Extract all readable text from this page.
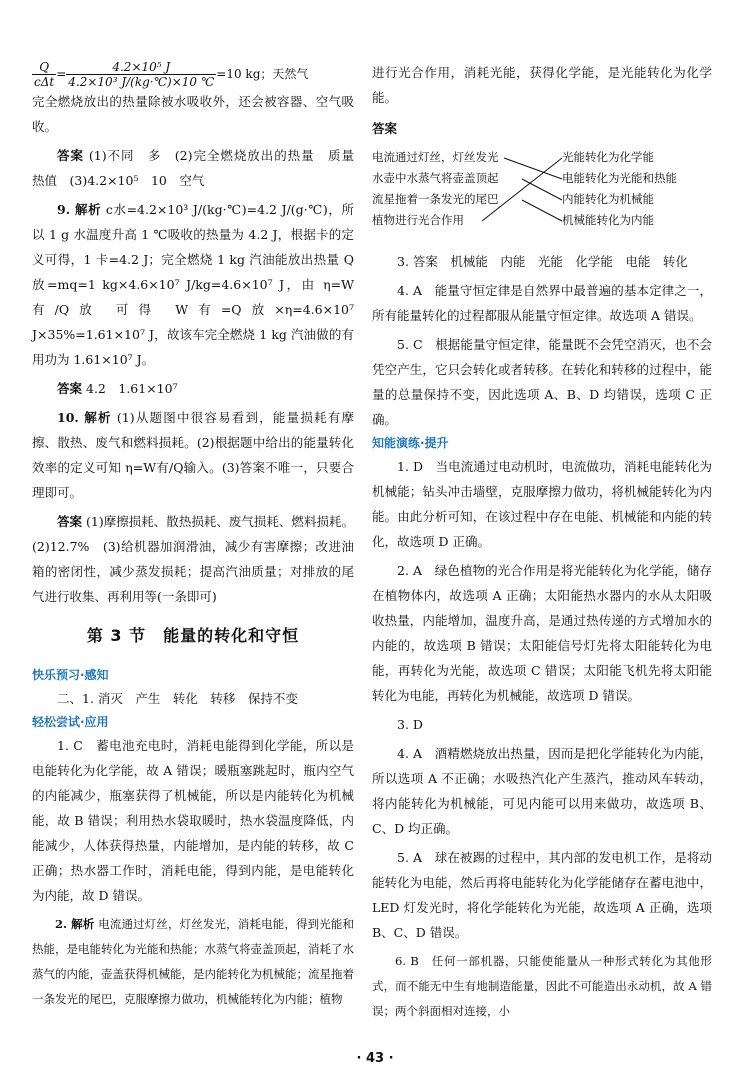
$\frac{Q}{\text{cΔt}} = \frac{\text{4.2×10⁵ J}}{\text{4.2×10³ J/(kg·℃)×10 ℃}} =10$ kg；天然气

完全燃烧放出的热量除被水吸收外，还会被容器、空气吸收。

答案 (1)不同　多　(2)完全燃烧放出的热量　质量　热值　(3)4.2×10⁵　10　空气

9. 解析 c水=4.2×10³ J/(kg·℃)=4.2 J/(g·℃)，所以 1 g 水温度升高 1 ℃吸收的热量为 4.2 J，根据卡的定义可得，1 卡=4.2 J；完全燃烧 1 kg 汽油能放出热量 Q放=mq=1 kg×4.6×10⁷ J/kg=4.6×10⁷ J，由 η=W有/Q放 可得 W有=Q放×η=4.6×10⁷ J×35%=1.61×10⁷ J，故该车完全燃烧 1 kg 汽油做的有用功为 1.61×10⁷ J。

答案 4.2　1.61×10⁷

10. 解析 (1)从题图中很容易看到，能量损耗有摩擦、散热、废气和燃料损耗。(2)根据题中给出的能量转化效率的定义可知 η=W有/Q输入。(3)答案不唯一，只要合理即可。

答案 (1)摩擦损耗、散热损耗、废气损耗、燃料损耗。(2)12.7%　(3)给机器加润滑油，减少有害摩擦；改进油箱的密闭性，减少蒸发损耗；提高汽油质量；对排放的尾气进行收集、再利用等(一条即可)

第 3 节　能量的转化和守恒
快乐预习·感知

二、1. 消灭　产生　转化　转移　保持不变

轻松尝试·应用

1. C　蓄电池充电时，消耗电能得到化学能，所以是电能转化为化学能，故 A 错误；暖瓶塞跳起时，瓶内空气的内能减少，瓶塞获得了机械能，所以是内能转化为机械能，故 B 错误；利用热水袋取暖时，热水袋温度降低，内能减少，人体获得热量，内能增加，是内能的转移，故 C 正确；热水器工作时，消耗电能，得到内能，是电能转化为内能，故 D 错误。

2. 解析 电流通过灯丝，灯丝发光，消耗电能，得到光能和热能，是电能转化为光能和热能；水蒸气将壶盖顶起，消耗了水蒸气的内能，壶盖获得机械能，是内能转化为机械能；流星拖着一条发光的尾巴，克服摩擦力做功，机械能转化为内能；植物

进行光合作用，消耗光能，获得化学能，是光能转化为化学能。

答案

电流通过灯丝，灯丝发光
水壶中水蒸气将壶盖顶起
流星拖着一条发光的尾巴
植物进行光合作用
光能转化为化学能
电能转化为光能和热能
内能转化为机械能
机械能转化为内能

3. 答案　机械能　内能　光能　化学能　电能　转化

4. A　能量守恒定律是自然界中最普遍的基本定律之一，所有能量转化的过程都服从能量守恒定律。故选项 A 错误。

5. C　根据能量守恒定律，能量既不会凭空消灭，也不会凭空产生，它只会转化或者转移。在转化和转移的过程中，能量的总量保持不变，因此选项 A、B、D 均错误，选项 C 正确。

知能演练·提升

1. D　当电流通过电动机时，电流做功，消耗电能转化为机械能；钻头冲击墙壁，克服摩擦力做功，将机械能转化为内能。由此分析可知，在该过程中存在电能、机械能和内能的转化，故选项 D 正确。

2. A　绿色植物的光合作用是将光能转化为化学能，储存在植物体内，故选项 A 正确；太阳能热水器内的水从太阳吸收热量，内能增加，温度升高，是通过热传递的方式增加水的内能的，故选项 B 错误；太阳能信号灯先将太阳能转化为电能，再转化为光能，故选项 C 错误；太阳能飞机先将太阳能转化为电能，再转化为机械能，故选项 D 错误。

3. D

4. A　酒精燃烧放出热量，因而是把化学能转化为内能，所以选项 A 不正确；水吸热汽化产生蒸汽，推动风车转动，将内能转化为机械能，可见内能可以用来做功，故选项 B、C、D 均正确。

5. A　球在被踢的过程中，其内部的发电机工作，是将动能转化为电能，然后再将电能转化为化学能储存在蓄电池中，LED 灯发光时，将化学能转化为光能，故选项 A 正确，选项 B、C、D 错误。

6. B　任何一部机器，只能使能量从一种形式转化为其他形式，而不能无中生有地制造能量，因此不可能造出永动机，故 A 错误；两个斜面相对连接，小

· 43 ·
